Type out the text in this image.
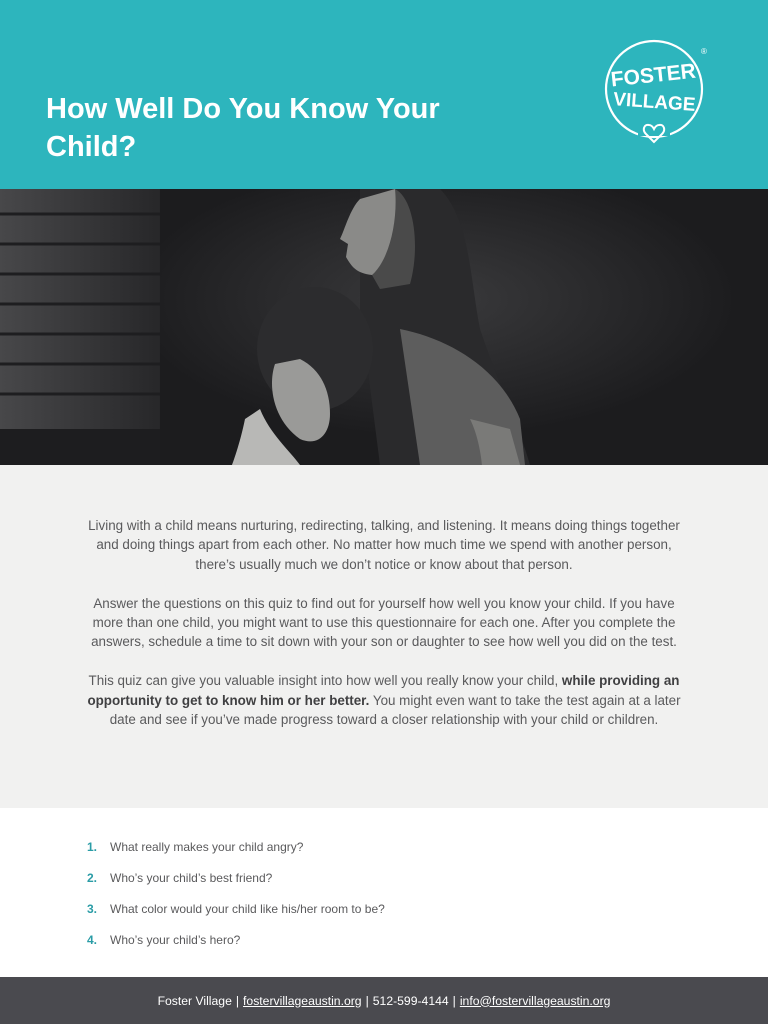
How Well Do You Know Your Child?
FOSTER
VILLAGE
®

Living with a child means nurturing, redirecting, talking, and listening. It means doing things together and doing things apart from each other. No matter how much time we spend with another person, there’s usually much we don’t notice or know about that person.

Answer the questions on this quiz to find out for yourself how well you know your child. If you have more than one child, you might want to use this questionnaire for each one. After you complete the answers, schedule a time to sit down with your son or daughter to see how well you did on the test.

This quiz can give you valuable insight into how well you really know your child, while providing an opportunity to get to know him or her better. You might even want to take the test again at a later date and see if you’ve made progress toward a closer relationship with your child or children.

1.	What really makes your child angry?
2.	Who’s your child’s best friend?
3.	What color would your child like his/her room to be?
4.	Who’s your child’s hero?
Foster Village | fostervillageaustin.org | 512-599-4144 | info@fostervillageaustin.org
